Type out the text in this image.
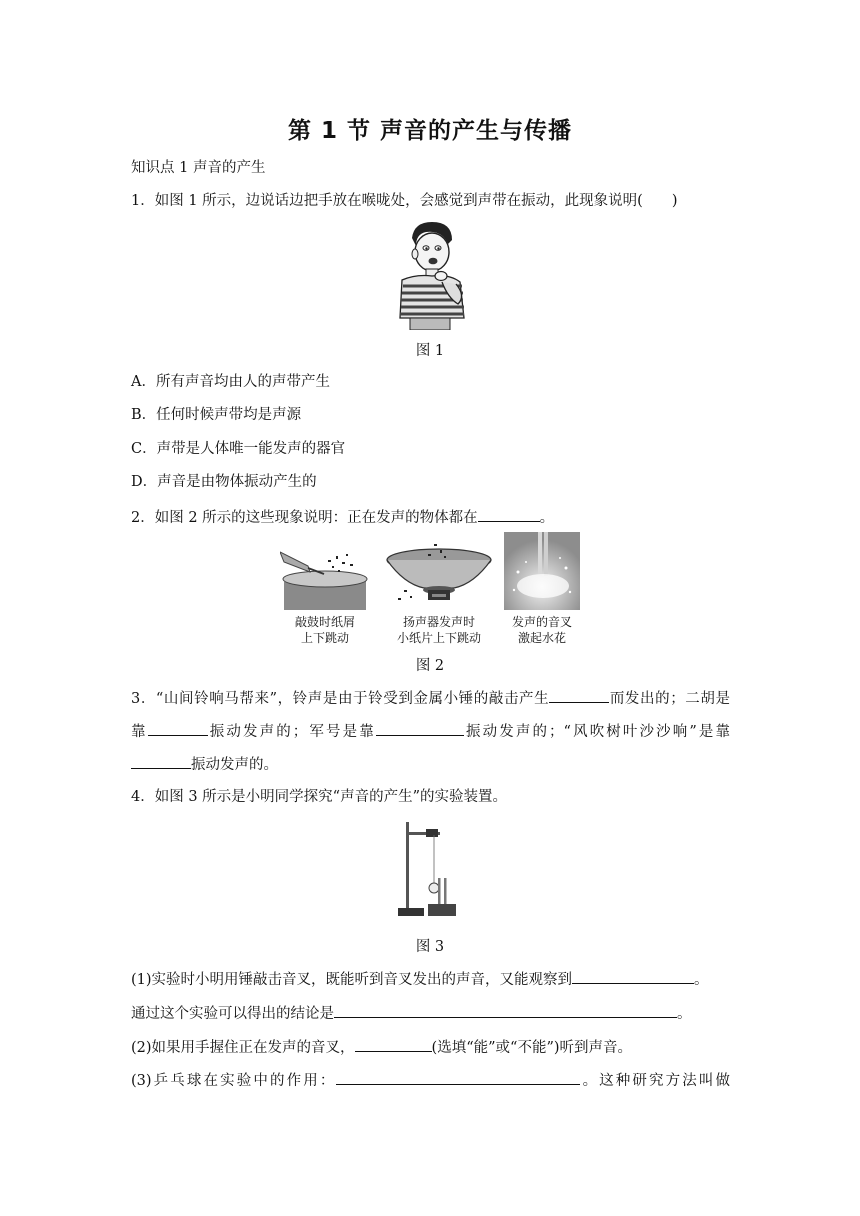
第 1 节 声音的产生与传播
知识点 1 声音的产生
1．如图 1 所示，边说话边把手放在喉咙处，会感觉到声带在振动，此现象说明(　　)
图 1
A．所有声音均由人的声带产生
B．任何时候声带均是声源
C．声带是人体唯一能发声的器官
D．声音是由物体振动产生的
2．如图 2 所示的这些现象说明：正在发声的物体都在	。
敲鼓时纸屑
上下跳动
扬声器发声时
小纸片上下跳动
发声的音叉
激起水花
图 2
3．“山间铃响马帮来”，铃声是由于铃受到金属小锤的敲击产生	而发出的；二胡是
靠	振动发声的；军号是靠	振动发声的；“风吹树叶沙沙响”是靠
振动发声的。
4．如图 3 所示是小明同学探究“声音的产生”的实验装置。
图 3
(1)实验时小明用锤敲击音叉，既能听到音叉发出的声音，又能观察到	。
通过这个实验可以得出的结论是	。
(2)如果用手握住正在发声的音叉，	(选填“能”或“不能”)听到声音。
(3)乒乓球在实验中的作用：	。这种研究方法叫做
